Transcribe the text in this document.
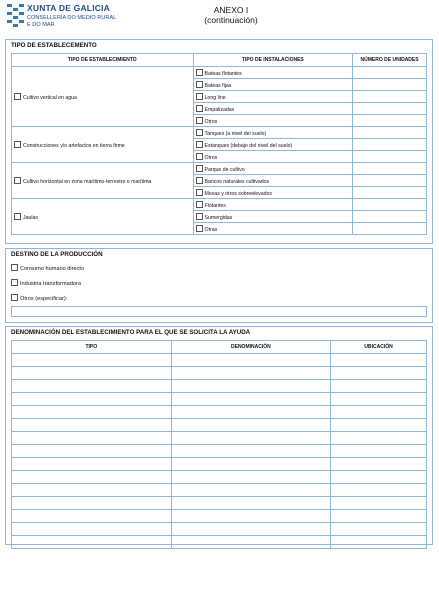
XUNTA DE GALICIA
CONSELLERÍA DO MEDIO RURAL
E DO MAR
ANEXO I
(continuación)
TIPO DE ESTABLECEMENTO
TIPO DE ESTABLECIMIENTO	TIPO DE INSTALACIONES	NÚMERO DE UNIDADES
Cultivo vertical en agua	Bateas flotantes	
	Bateas fijas	
	Long line	
	Empalizadas	
	Otros	
Construcciones y/o artefactos en tierra firme	Tanques (a nivel del suelo)	
	Estanques (debajo del nivel del suelo)	
	Otros	
Cultivo horizontal en zona marítimo-terrestre o marítima	Parque de cultivo	
	Bancos naturales cultivados	
	Mesas y otros sobreelevados	
Jaulas	Flotantes	
	Sumergidas	
	Otras	
DESTINO DE LA PRODUCCIÓN
Consumo humano directo
Industria transformadora
Otros (especificar):
DENOMINACIÓN DEL ESTABLECIMIENTO PARA EL QUE SE SOLICITA LA AYUDA
TIPO	DENOMINACIÓN	UBICACIÓN
